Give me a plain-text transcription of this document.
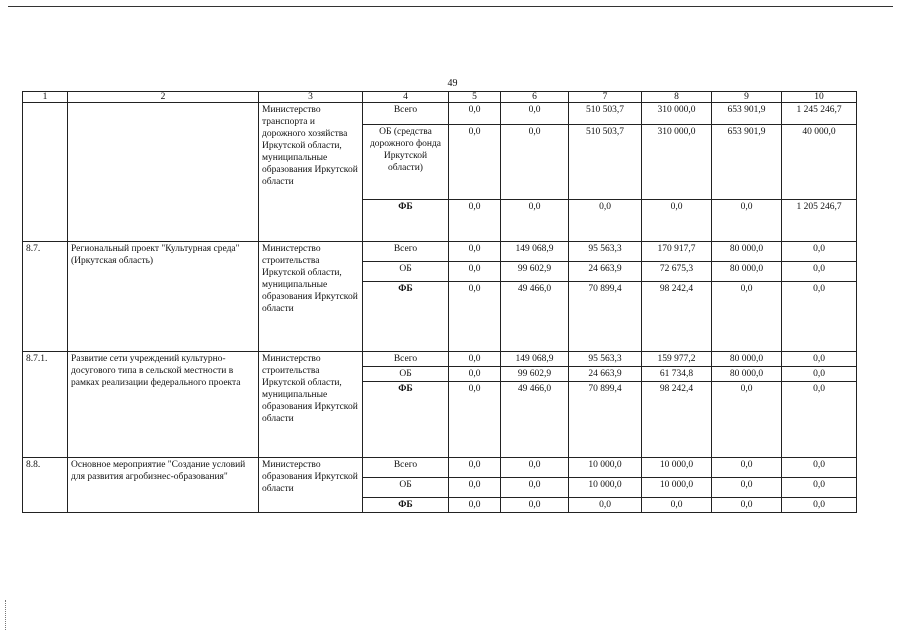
49
1	2	3	4	5	6	7	8	9	10
		Министерство транспорта и дорожного хозяйства Иркутской области, муниципальные образования Иркутской области	Всего	0,0	0,0	510 503,7	310 000,0	653 901,9	1 245 246,7
			ОБ (средства дорожного фонда Иркутской области)	0,0	0,0	510 503,7	310 000,0	653 901,9	40 000,0
			ФБ	0,0	0,0	0,0	0,0	0,0	1 205 246,7

8.7.	Региональный проект "Культурная среда" (Иркутская область)	Министерство строительства Иркутской области, муниципальные образования Иркутской области	Всего	0,0	149 068,9	95 563,3	170 917,7	80 000,0	0,0
			ОБ	0,0	99 602,9	24 663,9	72 675,3	80 000,0	0,0
			ФБ	0,0	49 466,0	70 899,4	98 242,4	0,0	0,0
8.7.1.	Развитие сети учреждений культурно-досугового типа в сельской местности в рамках реализации федерального проекта	Министерство строительства Иркутской области, муниципальные образования Иркутской области	Всего	0,0	149 068,9	95 563,3	159 977,2	80 000,0	0,0
			ОБ	0,0	99 602,9	24 663,9	61 734,8	80 000,0	0,0
			ФБ	0,0	49 466,0	70 899,4	98 242,4	0,0	0,0
8.8.	Основное мероприятие "Создание условий для развития агробизнес-образования"	Министерство образования Иркутской области	Всего	0,0	0,0	10 000,0	10 000,0	0,0	0,0
			ОБ	0,0	0,0	10 000,0	10 000,0	0,0	0,0
			ФБ	0,0	0,0	0,0	0,0	0,0	0,0
